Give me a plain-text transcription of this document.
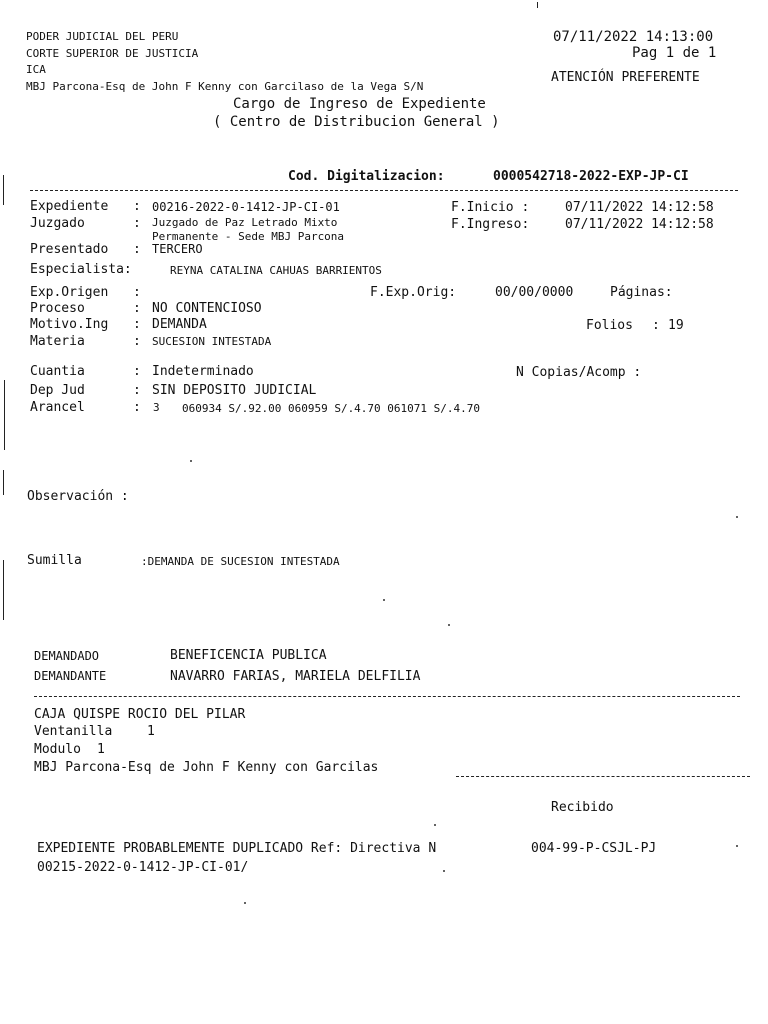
PODER JUDICIAL DEL PERU
CORTE SUPERIOR DE JUSTICIA
ICA
MBJ Parcona-Esq de John F Kenny con Garcilaso de la Vega S/N
07/11/2022 14:13:00
Pag 1 de 1
ATENCIÓN PREFERENTE
Cargo de Ingreso de Expediente
( Centro de Distribucion General )
Cod. Digitalizacion:	0000542718-2022-EXP-JP-CI
Expediente : 00216-2022-0-1412-JP-CI-01	F.Inicio :	07/11/2022 14:12:58
Juzgado	: Juzgado de Paz Letrado Mixto
Permanente - Sede MBJ Parcona
F.Ingreso:	07/11/2022 14:12:58
Presentado : TERCERO
Especialista:	REYNA CATALINA CAHUAS BARRIENTOS
Exp.Origen :	F.Exp.Orig:	00/00/0000	Páginas:
Proceso	: NO CONTENCIOSO
Motivo.Ing : DEMANDA	Folios : 19
Materia	: SUCESION INTESTADA
Cuantia	: Indeterminado	N Copias/Acomp :
Dep Jud	: SIN DEPOSITO JUDICIAL
Arancel	: 3 060934 S/.92.00 060959 S/.4.70 061071 S/.4.70
Observación :
Sumilla	:DEMANDA DE SUCESION INTESTADA
DEMANDADO	BENEFICENCIA PUBLICA
DEMANDANTE	NAVARRO FARIAS, MARIELA DELFILIA
CAJA QUISPE ROCIO DEL PILAR
Ventanilla	1
Modulo 1
MBJ Parcona-Esq de John F Kenny con Garcilas
Recibido
EXPEDIENTE PROBABLEMENTE DUPLICADO Ref: Directiva N	004-99-P-CSJL-PJ
00215-2022-0-1412-JP-CI-01/
